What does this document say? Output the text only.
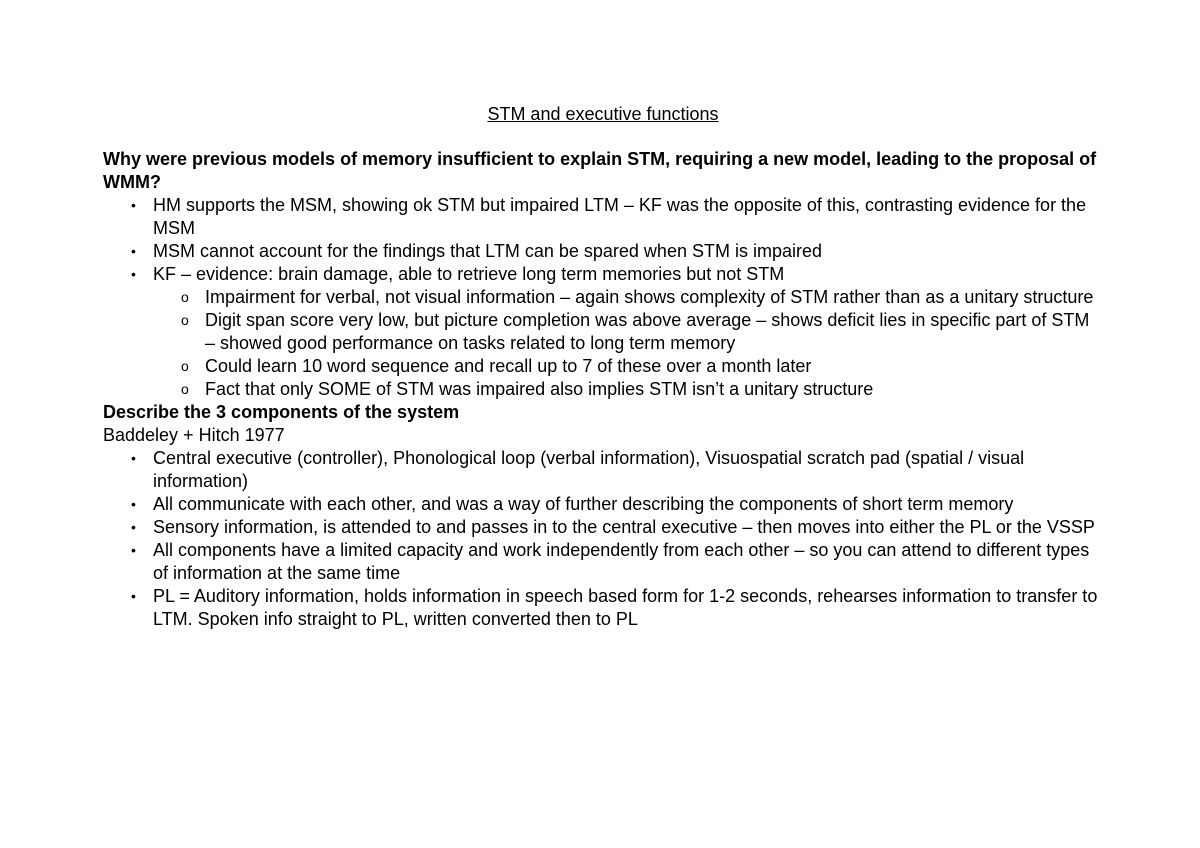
STM and executive functions

Why were previous models of memory insufficient to explain STM, requiring a new model, leading to the proposal of WMM?

• HM supports the MSM, showing ok STM but impaired LTM – KF was the opposite of this, contrasting evidence for the MSM
• MSM cannot account for the findings that LTM can be spared when STM is impaired
• KF – evidence: brain damage, able to retrieve long term memories but not STM
o Impairment for verbal, not visual information – again shows complexity of STM rather than as a unitary structure
o Digit span score very low, but picture completion was above average – shows deficit lies in specific part of STM – showed good performance on tasks related to long term memory
o Could learn 10 word sequence and recall up to 7 of these over a month later
o Fact that only SOME of STM was impaired also implies STM isn’t a unitary structure

Describe the 3 components of the system

Baddeley + Hitch 1977

• Central executive (controller), Phonological loop (verbal information), Visuospatial scratch pad (spatial / visual information)
• All communicate with each other, and was a way of further describing the components of short term memory
• Sensory information, is attended to and passes in to the central executive – then moves into either the PL or the VSSP
• All components have a limited capacity and work independently from each other – so you can attend to different types of information at the same time
• PL = Auditory information, holds information in speech based form for 1-2 seconds, rehearses information to transfer to LTM. Spoken info straight to PL, written converted then to PL
